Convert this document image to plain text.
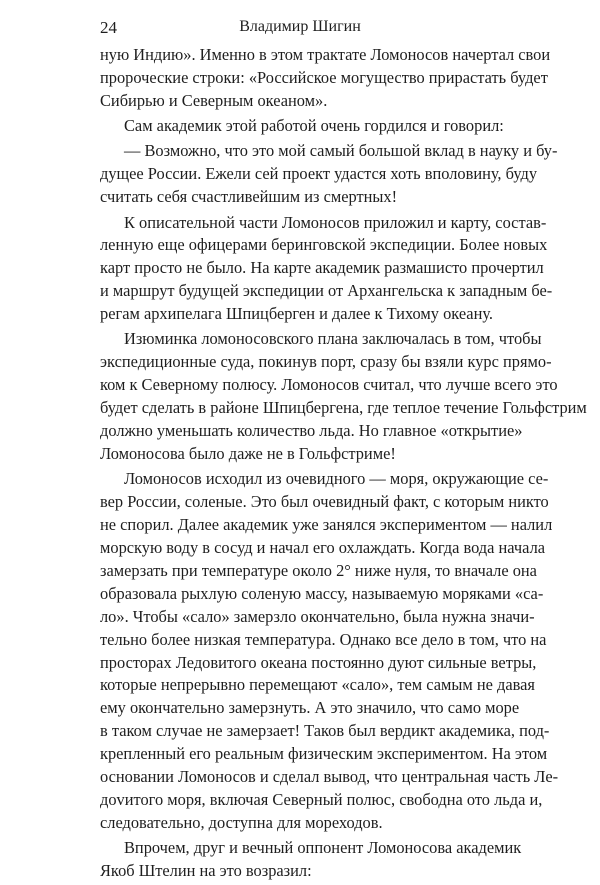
24	Владимир Шигин
ную Индию». Именно в этом трактате Ломоносов начертал свои
пророческие строки: «Российское могущество прирастать будет
Сибирью и Северным океаном».
Сам академик этой работой очень гордился и говорил:
— Возможно, что это мой самый большой вклад в науку и бу-
дущее России. Ежели сей проект удастся хоть вполовину, буду
считать себя счастливейшим из смертных!
К описательной части Ломоносов приложил и карту, состав-
ленную еще офицерами беринговской экспедиции. Более новых
карт просто не было. На карте академик размашисто прочертил
и маршрут будущей экспедиции от Архангельска к западным бе-
регам архипелага Шпицберген и далее к Тихому океану.
Изюминка ломоносовского плана заключалась в том, чтобы
экспедиционные суда, покинув порт, сразу бы взяли курс прямо-
ком к Северному полюсу. Ломоносов считал, что лучше всего это
будет сделать в районе Шпицбергена, где теплое течение Гольфстрим
должно уменьшать количество льда. Но главное «открытие»
Ломоносова было даже не в Гольфстриме!
Ломоносов исходил из очевидного — моря, окружающие се-
вер России, соленые. Это был очевидный факт, с которым никто
не спорил. Далее академик уже занялся экспериментом — налил
морскую воду в сосуд и начал его охлаждать. Когда вода начала
замерзать при температуре около 2° ниже нуля, то вначале она
образовала рыхлую соленую массу, называемую моряками «са-
ло». Чтобы «сало» замерзло окончательно, была нужна значи-
тельно более низкая температура. Однако все дело в том, что на
просторах Ледовитого океана постоянно дуют сильные ветры,
которые непрерывно перемещают «сало», тем самым не давая
ему окончательно замерзнуть. А это значило, что само море
в таком случае не замерзает! Таков был вердикт академика, под-
крепленный его реальным физическим экспериментом. На этом
основании Ломоносов и сделал вывод, что центральная часть Ле-
дovитого моря, включая Северный полюс, свободна ото льда и,
следовательно, доступна для мореходов.
Впрочем, друг и вечный оппонент Ломоносова академик
Якоб Штелин на это возразил:
